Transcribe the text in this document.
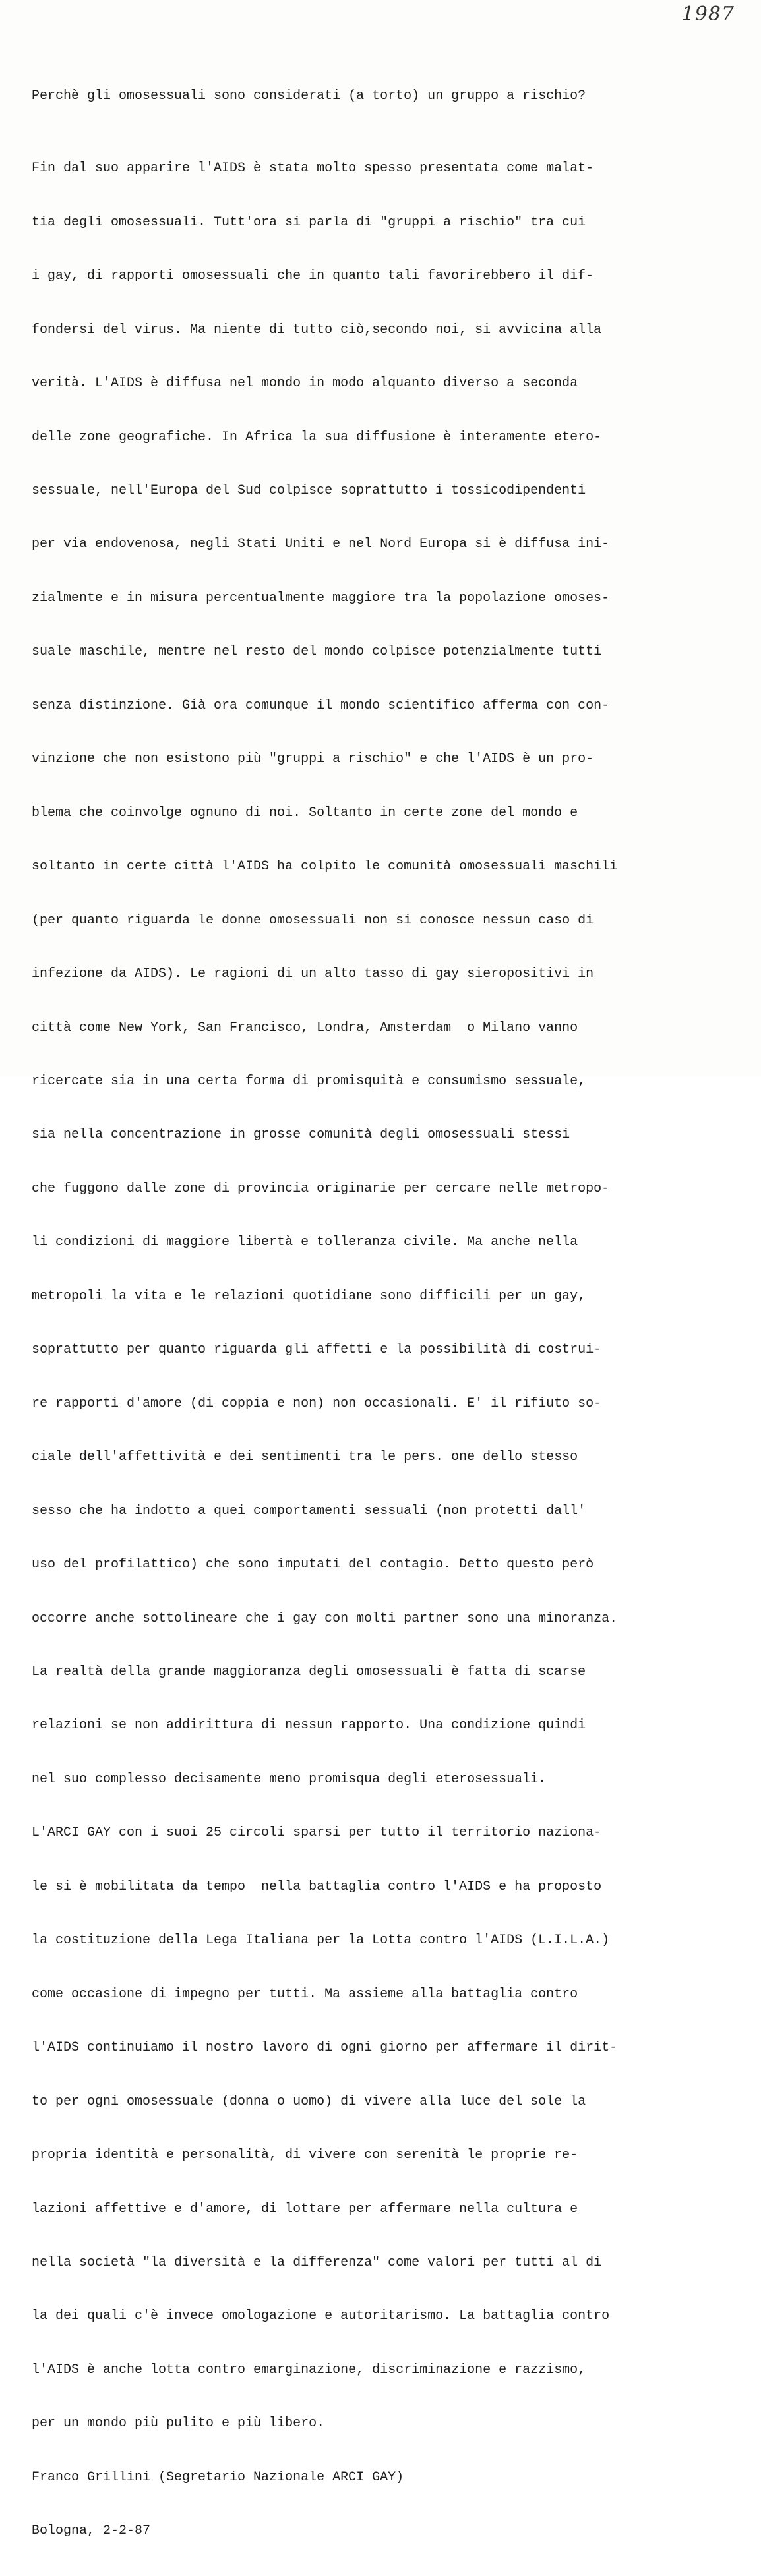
1987
Perchè gli omosessuali sono considerati (a torto) un gruppo a rischio?

Fin dal suo apparire l'AIDS è stata molto spesso presentata come malat-

tia degli omosessuali. Tutt'ora si parla di "gruppi a rischio" tra cui

i gay, di rapporti omosessuali che in quanto tali favorirebbero il dif-

fondersi del virus. Ma niente di tutto ciò,secondo noi, si avvicina alla

verità. L'AIDS è diffusa nel mondo in modo alquanto diverso a seconda

delle zone geografiche. In Africa la sua diffusione è interamente etero-

sessuale, nell'Europa del Sud colpisce soprattutto i tossicodipendenti

per via endovenosa, negli Stati Uniti e nel Nord Europa si è diffusa ini-

zialmente e in misura percentualmente maggiore tra la popolazione omoses-

suale maschile, mentre nel resto del mondo colpisce potenzialmente tutti

senza distinzione. Già ora comunque il mondo scientifico afferma con con-

vinzione che non esistono più "gruppi a rischio" e che l'AIDS è un pro-

blema che coinvolge ognuno di noi. Soltanto in certe zone del mondo e

soltanto in certe città l'AIDS ha colpito le comunità omosessuali maschili

(per quanto riguarda le donne omosessuali non si conosce nessun caso di

infezione da AIDS). Le ragioni di un alto tasso di gay sieropositivi in

città come New York, San Francisco, Londra, Amsterdam  o Milano vanno

ricercate sia in una certa forma di promisquità e consumismo sessuale,

sia nella concentrazione in grosse comunità degli omosessuali stessi

che fuggono dalle zone di provincia originarie per cercare nelle metropo-

li condizioni di maggiore libertà e tolleranza civile. Ma anche nella

metropoli la vita e le relazioni quotidiane sono difficili per un gay,

soprattutto per quanto riguarda gli affetti e la possibilità di costrui-

re rapporti d'amore (di coppia e non) non occasionali. E' il rifiuto so-

ciale dell'affettività e dei sentimenti tra le pers. one dello stesso

sesso che ha indotto a quei comportamenti sessuali (non protetti dall'

uso del profilattico) che sono imputati del contagio. Detto questo però

occorre anche sottolineare che i gay con molti partner sono una minoranza.

La realtà della grande maggioranza degli omosessuali è fatta di scarse

relazioni se non addirittura di nessun rapporto. Una condizione quindi

nel suo complesso decisamente meno promisqua degli eterosessuali.

L'ARCI GAY con i suoi 25 circoli sparsi per tutto il territorio naziona-

le si è mobilitata da tempo  nella battaglia contro l'AIDS e ha proposto

la costituzione della Lega Italiana per la Lotta contro l'AIDS (L.I.L.A.)

come occasione di impegno per tutti. Ma assieme alla battaglia contro

l'AIDS continuiamo il nostro lavoro di ogni giorno per affermare il dirit-

to per ogni omosessuale (donna o uomo) di vivere alla luce del sole la

propria identità e personalità, di vivere con serenità le proprie re-

lazioni affettive e d'amore, di lottare per affermare nella cultura e

nella società "la diversità e la differenza" come valori per tutti al di

la dei quali c'è invece omologazione e autoritarismo. La battaglia contro

l'AIDS è anche lotta contro emarginazione, discriminazione e razzismo,

per un mondo più pulito e più libero.

Franco Grillini (Segretario Nazionale ARCI GAY)

Bologna, 2-2-87
